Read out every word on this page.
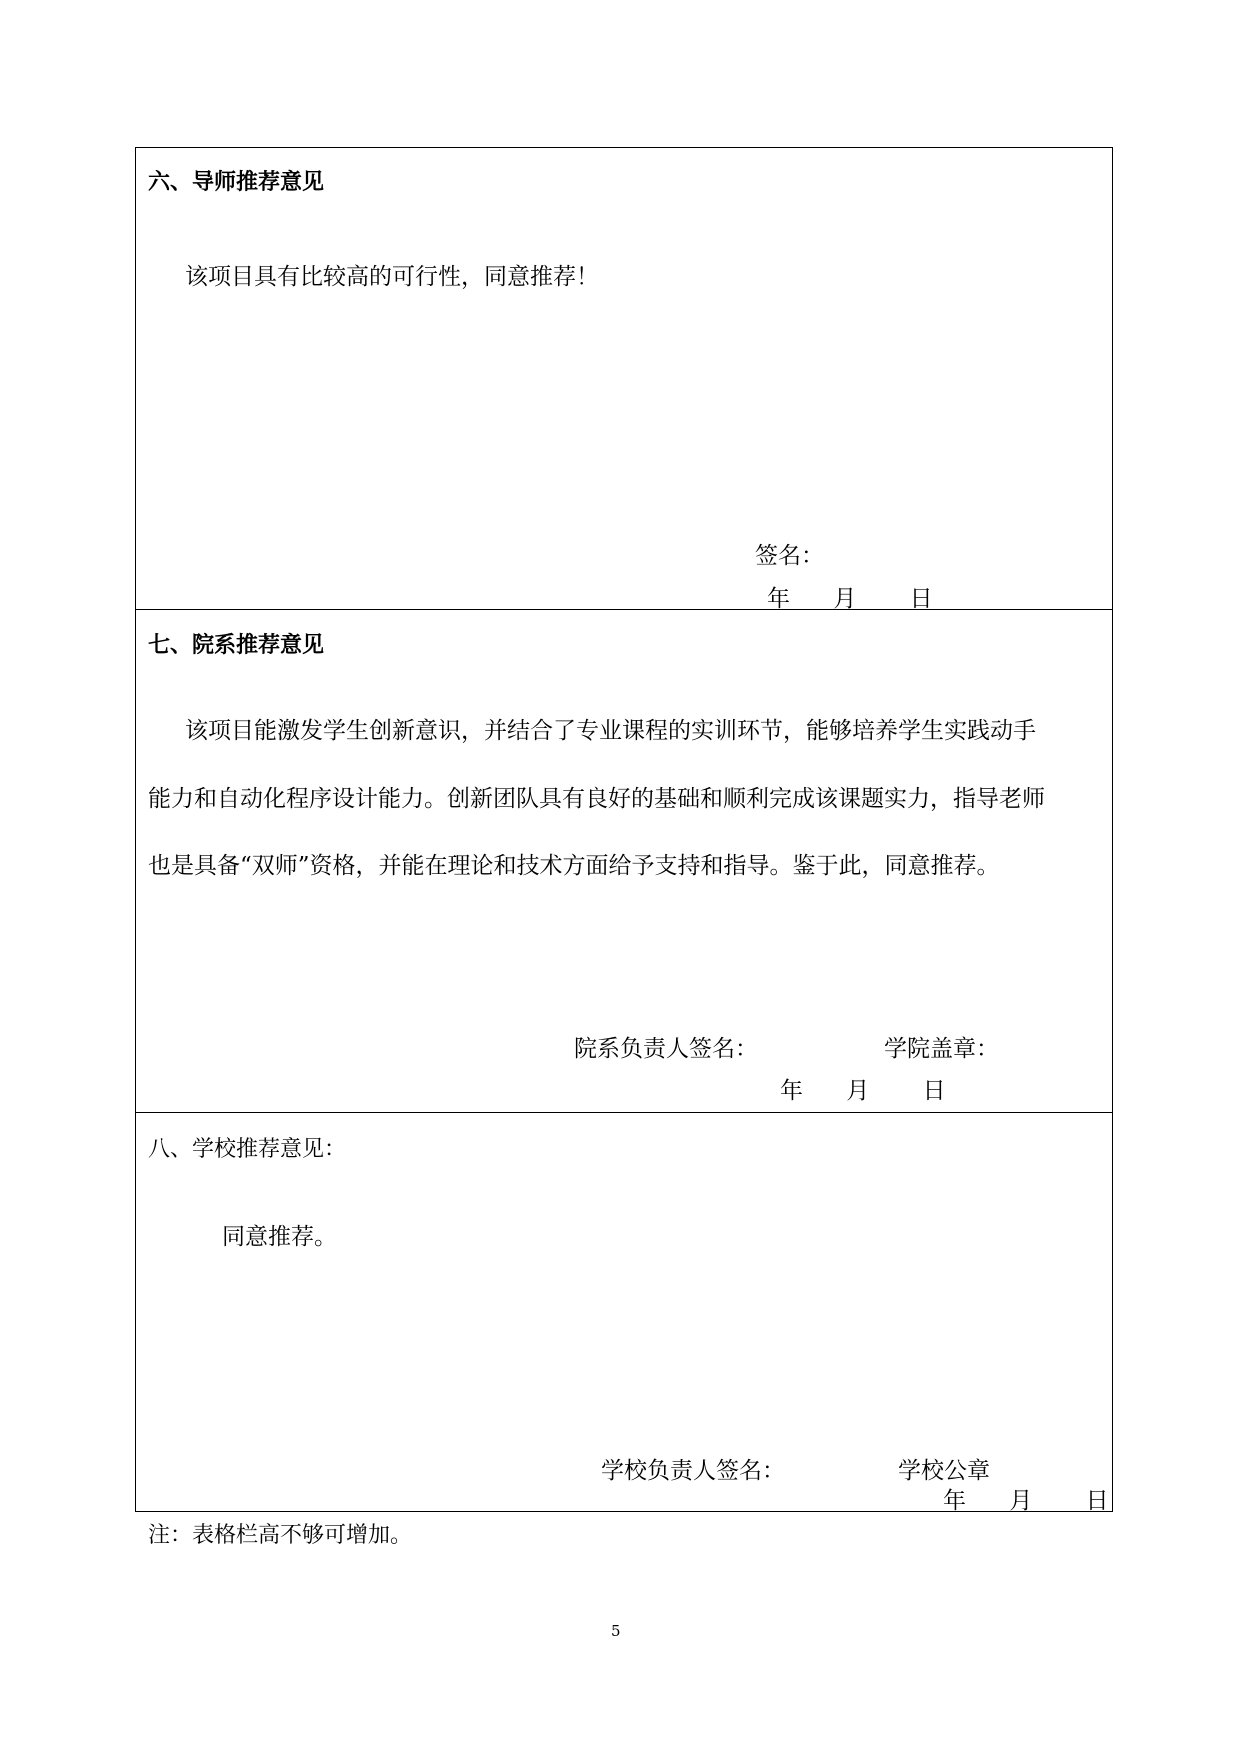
六、导师推荐意见
该项目具有比较高的可行性，同意推荐！
签名：
年 月 日
七、院系推荐意见
该项目能激发学生创新意识，并结合了专业课程的实训环节，能够培养学生实践动手
能力和自动化程序设计能力。创新团队具有良好的基础和顺利完成该课题实力，指导老师
也是具备“双师”资格，并能在理论和技术方面给予支持和指导。鉴于此，同意推荐。
院系负责人签名：	学院盖章：
年 月 日
八、学校推荐意见：
同意推荐。
学校负责人签名：	学校公章
年 月 日
注：表格栏高不够可增加。
5
